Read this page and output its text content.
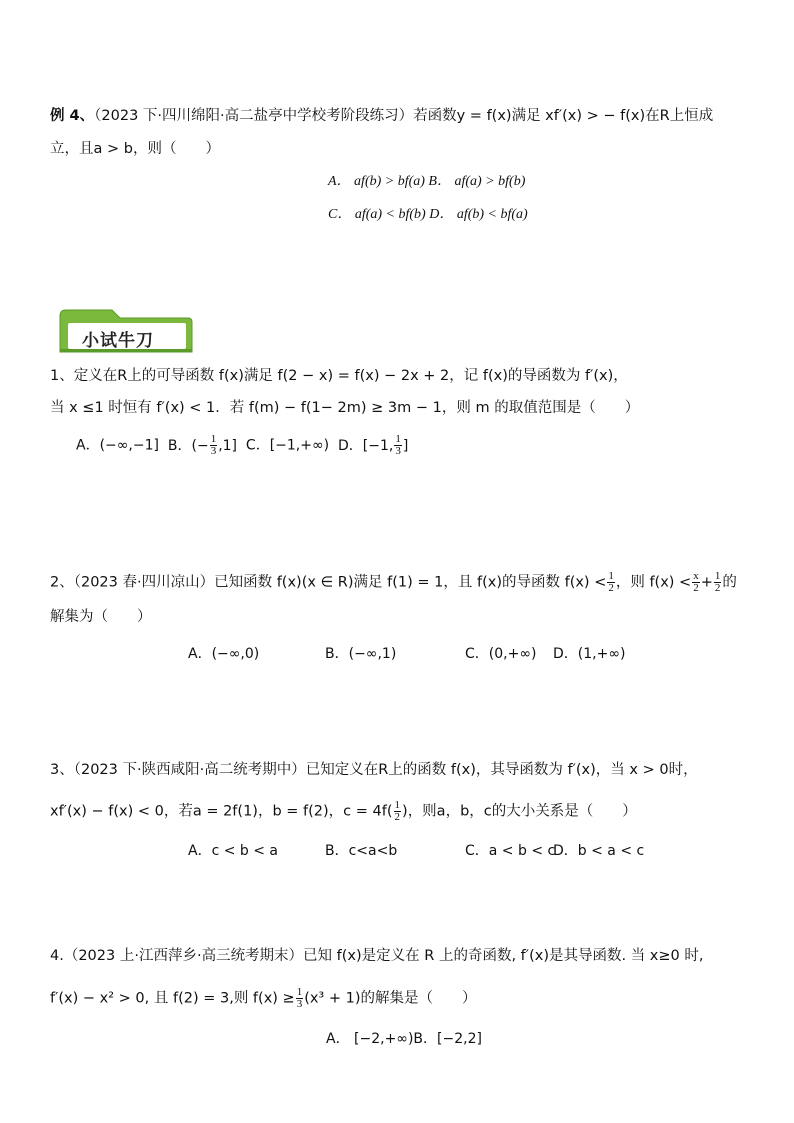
例 4、（2023 下·四川绵阳·高二盐亭中学校考阶段练习）若函数y = f(x)满足 xf′(x) > − f(x)在R上恒成
立，且a > b，则（　　）
A． af(b) > bf(a) B． af(a) > bf(b)
C． af(a) < bf(b) D． af(b) < bf(a)
小试牛刀
1、定义在R上的可导函数 f(x)满足 f(2 − x) = f(x) − 2x + 2，记 f(x)的导函数为 f′(x)，
当 x ≤1 时恒有 f′(x) < 1．若 f(m) − f(1− 2m) ≥ 3m − 1，则 m 的取值范围是（　　）
A．(−∞,−1] B．(− $\frac{1}{3} ,1$] C．[−1,+∞) D．[−1, $\frac{1}{3}$ ]
2、（2023 春·四川凉山）已知函数 f(x)(x ∈ R)满足 f(1) = 1，且 f(x)的导函数 $f(x) < \frac{1}{2}$ ，则 $f(x) < \frac{x}{2} + \frac{1}{2}$ 的
解集为（　　）
A．(−∞,0)	B．(−∞,1)	C．(0,+∞) D．(1,+∞)
3、（2023 下·陕西咸阳·高二统考期中）已知定义在R上的函数 f(x)，其导函数为 f′(x)，当 x > 0时，
xf′(x) − f(x) < 0，若a = 2f(1)，b = f(2)，$c = 4f( \frac{1}{2}$ )，则a，b，c的大小关系是（　　）
A．c < b < a	B．c<a<b	C．a < b < c
D．b < a < c
4.（2023 上·江西萍乡·高三统考期末）已知 f(x)是定义在 R 上的奇函数, f′(x)是其导函数. 当 x≥0 时,
f′(x) − x² > 0, 且 f(2) = 3,则 $f(x) \ge \frac{1}{3} (x^3 + 1)$的解集是（　　）
A． [−2,+∞)B．[−2,2]
